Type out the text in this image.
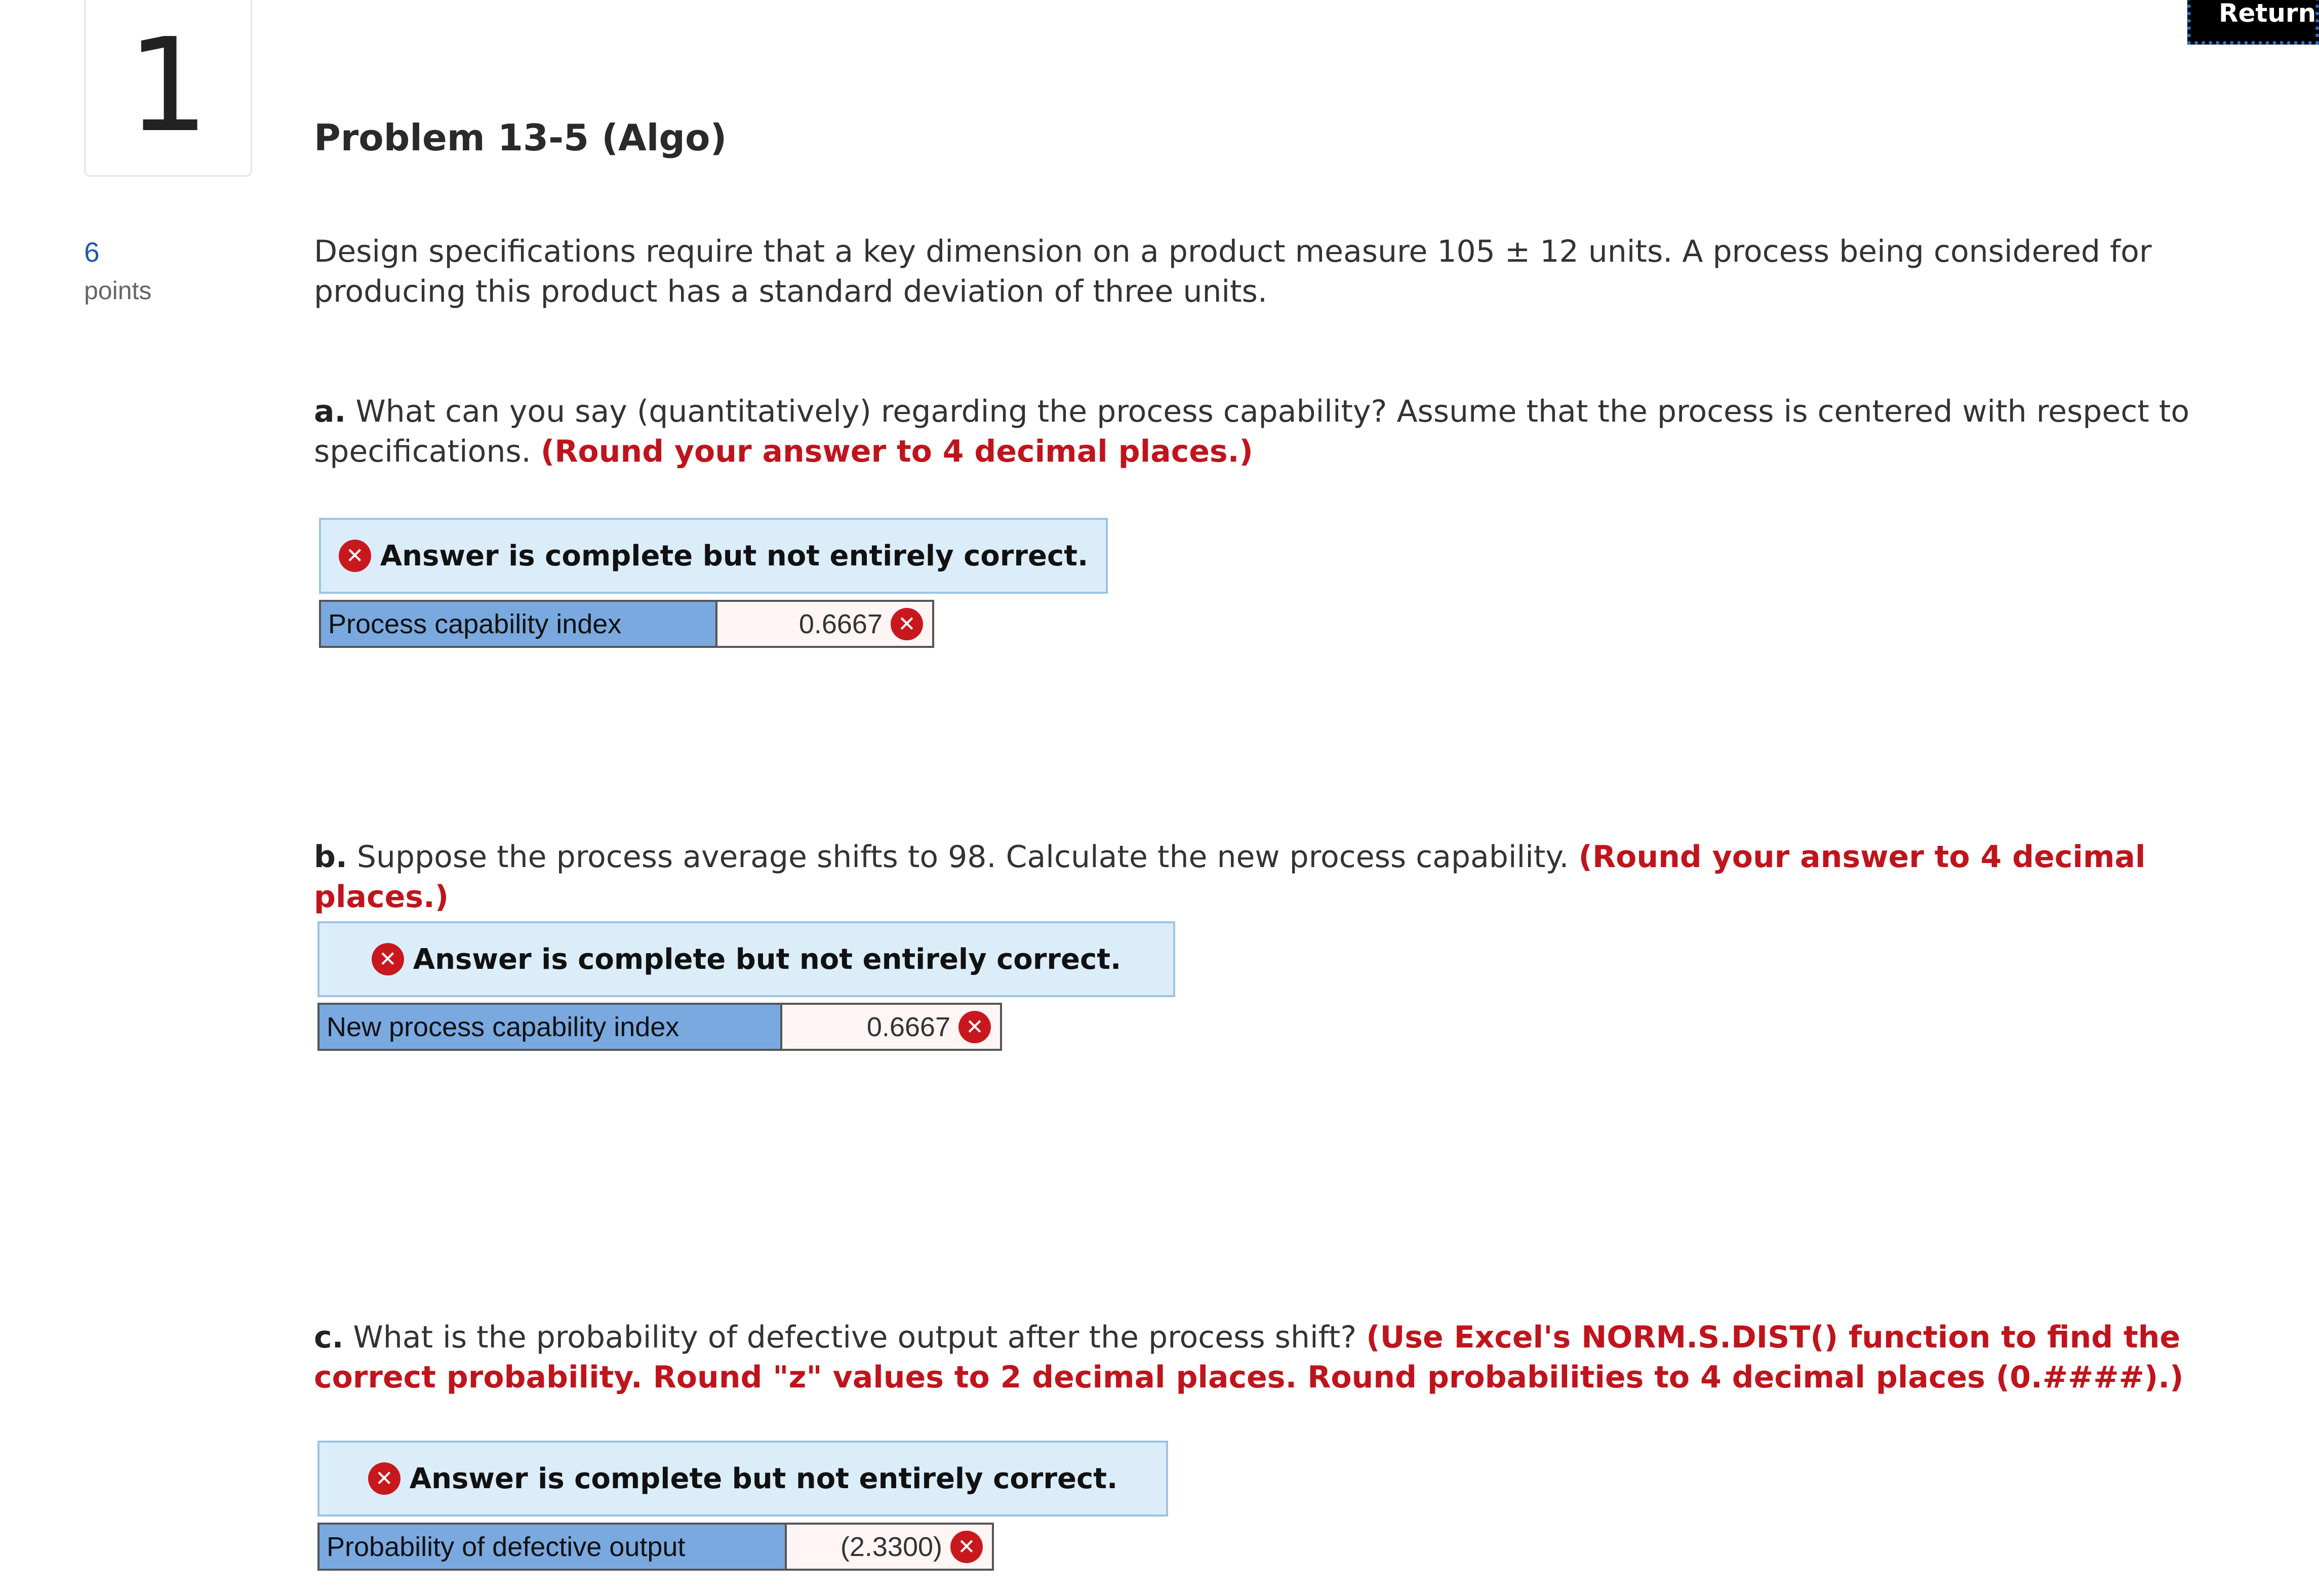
1	Return
Problem 13-5 (Algo)
6
points

Design specifications require that a key dimension on a product measure 105 ± 12 units. A process being considered for producing this product has a standard deviation of three units.

a. What can you say (quantitatively) regarding the process capability? Assume that the process is centered with respect to specifications. (Round your answer to 4 decimal places.)

✕ Answer is complete but not entirely correct.
Process capability index	0.6667 ✕

b. Suppose the process average shifts to 98. Calculate the new process capability. (Round your answer to 4 decimal places.)

✕ Answer is complete but not entirely correct.
New process capability index	0.6667 ✕

c. What is the probability of defective output after the process shift? (Use Excel's NORM.S.DIST() function to find the correct probability. Round "z" values to 2 decimal places. Round probabilities to 4 decimal places (0.####).)

✕ Answer is complete but not entirely correct.
Probability of defective output	(2.3300) ✕
